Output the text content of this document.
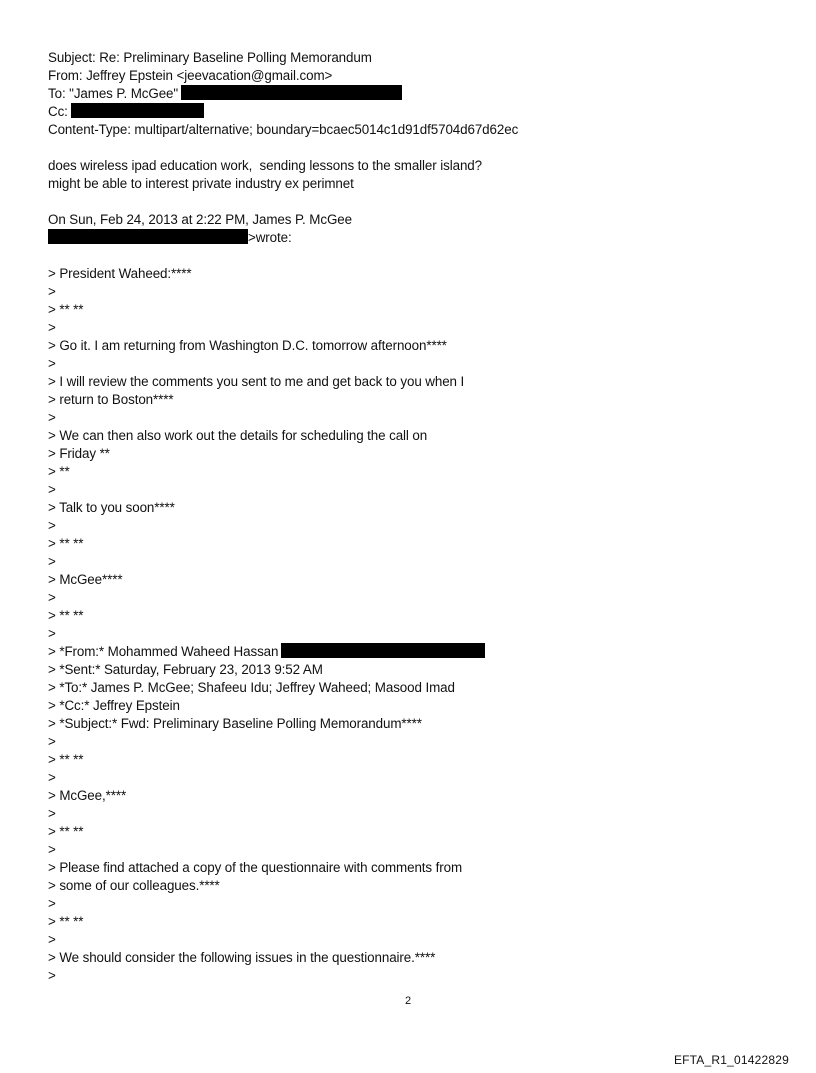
Subject: Re: Preliminary Baseline Polling Memorandum
From: Jeffrey Epstein <jeevacation@gmail.com>
To: "James P. McGee"
Cc:
Content-Type: multipart/alternative; boundary=bcaec5014c1d91df5704d67d62ec
does wireless ipad education work,  sending lessons to the smaller island?
might be able to interest private industry ex perimnet
On Sun, Feb 24, 2013 at 2:22 PM, James P. McGee
>wrote:
> President Waheed:****
>
> ** **
>
> Go it. I am returning from Washington D.C. tomorrow afternoon****
>
> I will review the comments you sent to me and get back to you when I
> return to Boston****
>
> We can then also work out the details for scheduling the call on
> Friday **
> **
>
> Talk to you soon****
>
> ** **
>
> McGee****
>
> ** **
>
> *From:* Mohammed Waheed Hassan
> *Sent:* Saturday, February 23, 2013 9:52 AM
> *To:* James P. McGee; Shafeeu Idu; Jeffrey Waheed; Masood Imad
> *Cc:* Jeffrey Epstein
> *Subject:* Fwd: Preliminary Baseline Polling Memorandum****
>
> ** **
>
> McGee,****
>
> ** **
>
> Please find attached a copy of the questionnaire with comments from
> some of our colleagues.****
>
> ** **
>
> We should consider the following issues in the questionnaire.****
>
2
EFTA_R1_01422829
